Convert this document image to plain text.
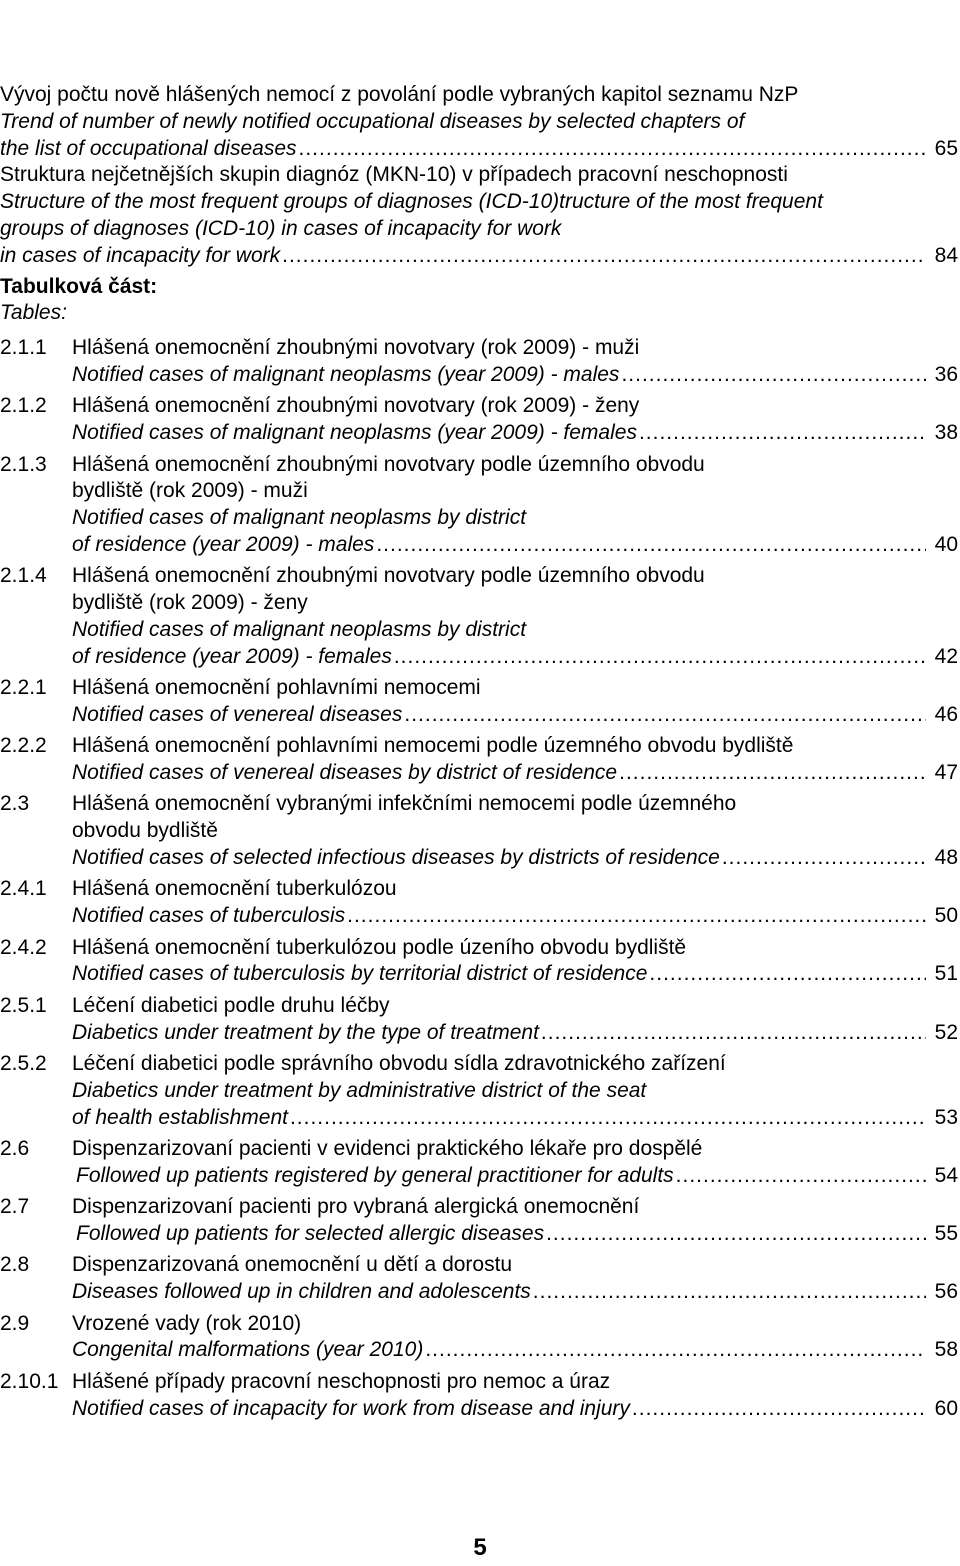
Zdravotnická ročenka Hl. m. Prahy 2011
Vývoj počtu nově hlášených nemocí z povolání podle vybraných kapitol seznamu NzP
Trend of number of newly notified occupational diseases by selected chapters of
the list of occupational diseases .....	65
Struktura nejčetnějších skupin diagnóz (MKN-10) v případech pracovní neschopnosti
Structure of the most frequent groups of diagnoses (ICD-10)tructure of the most frequent
groups of diagnoses (ICD-10) in cases of incapacity for work
in cases of incapacity for work .....	84
Tabulková část:
Tables:
2.1.1 Hlášená onemocnění zhoubnými novotvary (rok 2009) - muži
Notified cases of malignant neoplasms (year 2009) - males .....	36
2.1.2 Hlášená onemocnění zhoubnými novotvary (rok 2009) - ženy
Notified cases of malignant neoplasms (year 2009) - females .....	38
2.1.3 Hlášená onemocnění zhoubnými novotvary podle územního obvodu
bydliště (rok 2009) - muži
Notified cases of malignant neoplasms by district
of residence (year 2009) - males .....	40
2.1.4 Hlášená onemocnění zhoubnými novotvary podle územního obvodu
bydliště (rok 2009) - ženy
Notified cases of malignant neoplasms by district
of residence (year 2009) - females .....	42
2.2.1 Hlášená onemocnění pohlavními nemocemi
Notified cases of venereal diseases .....	46
2.2.2 Hlášená onemocnění pohlavními nemocemi podle územného obvodu bydliště
Notified cases of venereal diseases by district of residence .....	47
2.3 Hlášená onemocnění vybranými infekčními nemocemi podle územného
obvodu bydliště
Notified cases of selected infectious diseases by districts of residence .....	48
2.4.1 Hlášená onemocnění tuberkulózou
Notified cases of tuberculosis .....	50
2.4.2 Hlášená onemocnění tuberkulózou podle úzeního obvodu bydliště
Notified cases of tuberculosis by territorial district of residence .....	51
2.5.1 Léčení diabetici podle druhu léčby
Diabetics under treatment by the type of treatment .....	52
2.5.2 Léčení diabetici podle správního obvodu sídla zdravotnického zařízení
Diabetics under treatment by administrative district of the seat
of health establishment .....	53
2.6 Dispenzarizovaní pacienti v evidenci praktického lékaře pro dospělé
Followed up patients registered by general practitioner for adults .....	54
2.7 Dispenzarizovaní pacienti pro vybraná alergická onemocnění
Followed up patients for selected allergic diseases .....	55
2.8 Dispenzarizovaná onemocnění u dětí a dorostu
Diseases followed up in children and adolescents .....	56
2.9 Vrozené vady (rok 2010)
Congenital malformations (year 2010) .....	58
2.10.1 Hlášené případy pracovní neschopnosti pro nemoc a úraz
Notified cases of incapacity for work from disease and injury .....	60
5
